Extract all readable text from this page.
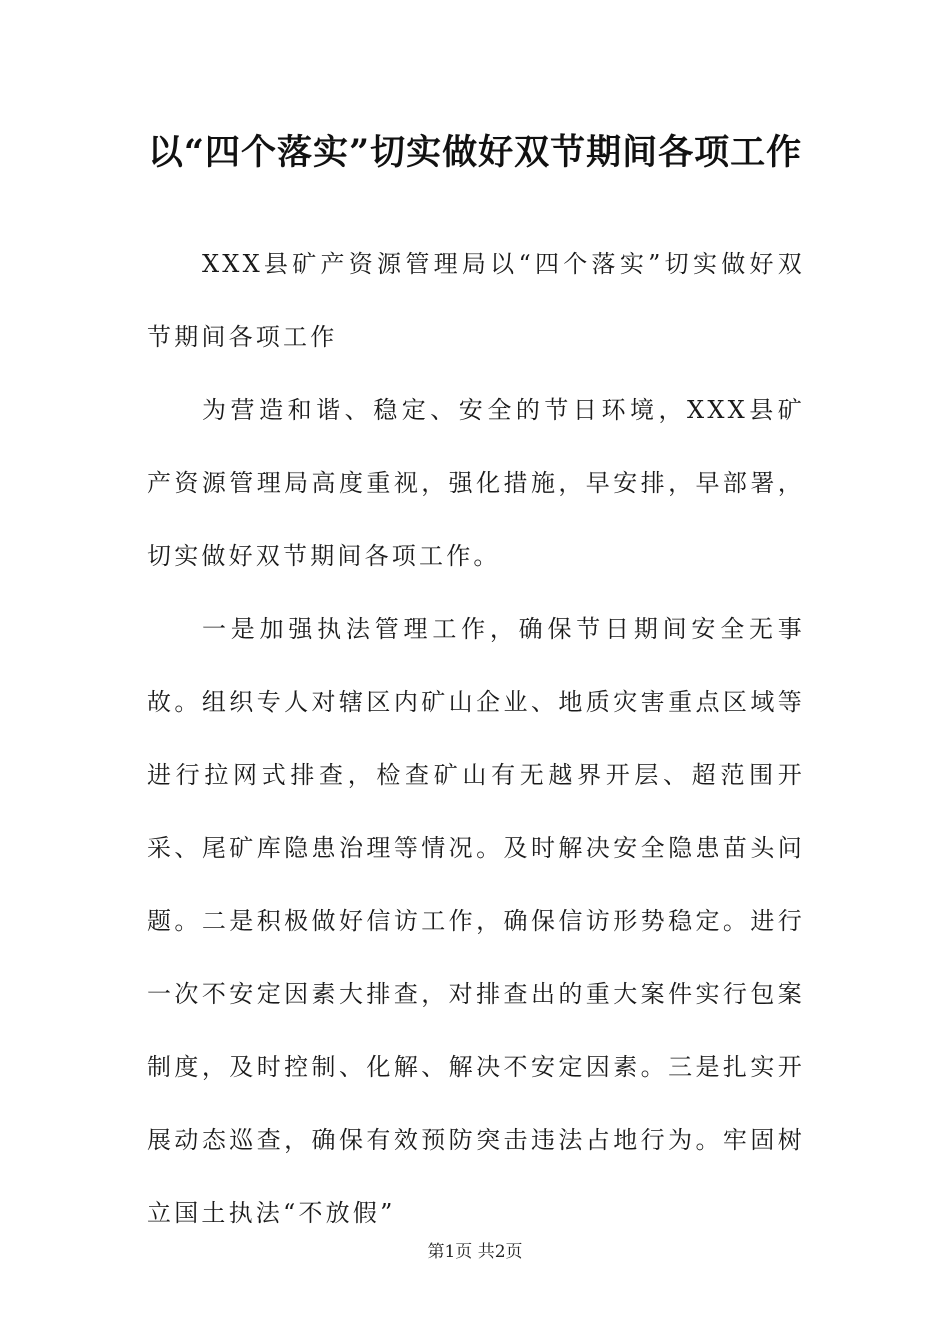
以“四个落实”切实做好双节期间各项工作

XXX县矿产资源管理局以“四个落实”切实做好双节期间各项工作

为营造和谐、稳定、安全的节日环境，XXX县矿产资源管理局高度重视，强化措施，早安排，早部署，切实做好双节期间各项工作。

一是加强执法管理工作，确保节日期间安全无事故。组织专人对辖区内矿山企业、地质灾害重点区域等进行拉网式排查，检查矿山有无越界开层、超范围开采、尾矿库隐患治理等情况。及时解决安全隐患苗头问题。二是积极做好信访工作，确保信访形势稳定。进行一次不安定因素大排查，对排查出的重大案件实行包案制度，及时控制、化解、解决不安定因素。三是扎实开展动态巡查，确保有效预防突击违法占地行为。牢固树立国土执法“不放假”

第1页 共2页
